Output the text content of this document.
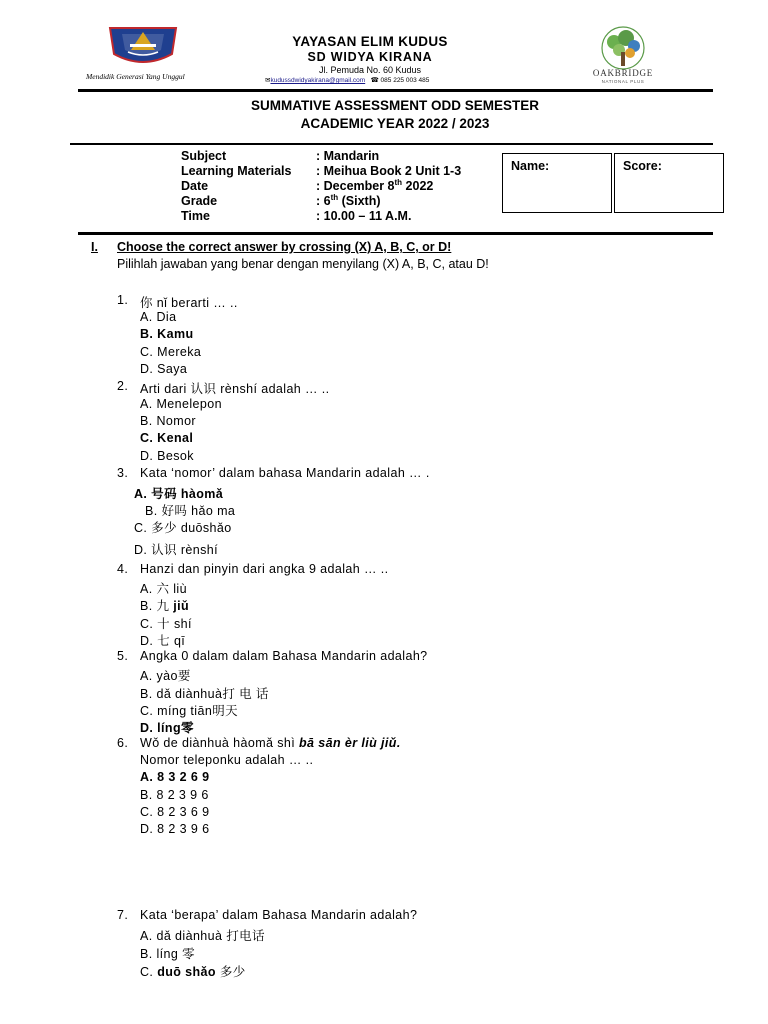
Mendidik Generasi Yang Unggul
YAYASAN ELIM KUDUS
SD WIDYA KIRANA
Jl. Pemuda No. 60 Kudus
✉kudussdwidyakirana@gmail.com ☎ 085 225 003 485
OAKBRIDGE
NATIONAL PLUS
SUMMATIVE ASSESSMENT ODD SEMESTER
ACADEMIC YEAR 2022 / 2023
Subject	: Mandarin
Learning Materials : Meihua Book 2 Unit 1-3
Date	: December 8th 2022
Grade	: 6th (Sixth)
Time	: 10.00 – 11 A.M.
Name:	Score:
I. Choose the correct answer by crossing (X) A, B, C, or D!
Pilihlah jawaban yang benar dengan menyilang (X) A, B, C, atau D!
1. 你 nǐ berarti … ..
A. Dia
B. Kamu
C. Mereka
D. Saya
2. Arti dari 认识 rènshí adalah … ..
A. Menelepon
B. Nomor
C. Kenal
D. Besok
3. Kata ‘nomor’ dalam bahasa Mandarin adalah … .
A. 号码 hàomǎ
B. 好吗 hǎo ma
C. 多少 duōshǎo
D. 认识 rènshí
4. Hanzi dan pinyin dari angka 9 adalah … ..
A. 六 liù
B. 九 jiǔ
C. 十 shí
D. 七 qī
5. Angka 0 dalam dalam Bahasa Mandarin adalah?
A. yào要
B. dǎ diànhuà打 电 话
C. míng tiān明天
D. líng零
6. Wǒ de diànhuà hàomǎ shì bā sān èr liù jiǔ.
Nomor teleponku adalah … ..
A. 8 3 2 6 9
B. 8 2 3 9 6
C. 8 2 3 6 9
D. 8 2 3 9 6
7. Kata ‘berapa’ dalam Bahasa Mandarin adalah?
A. dǎ diànhuà 打电话
B. líng 零
C. duō shǎo 多少
